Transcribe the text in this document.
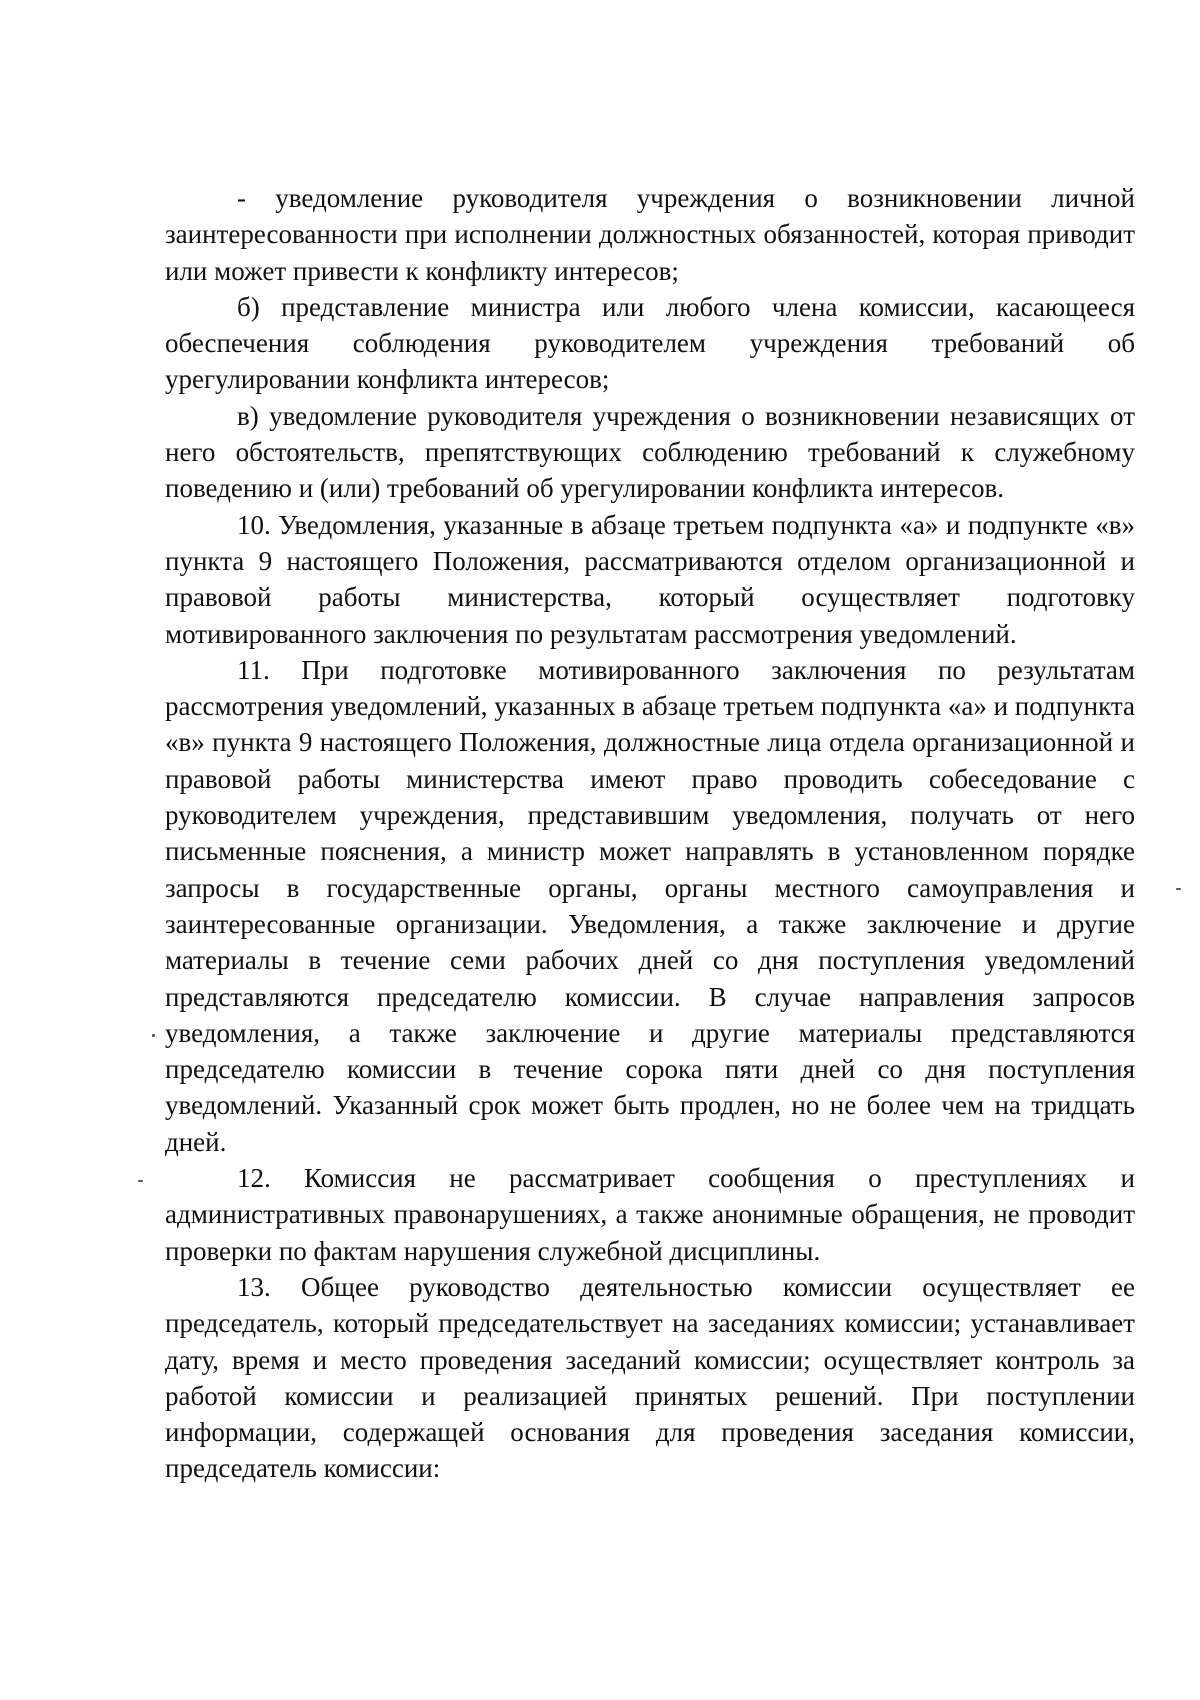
- уведомление руководителя учреждения о возникновении личной заинтересованности при исполнении должностных обязанностей, которая приводит или может привести к конфликту интересов;

б) представление министра или любого члена комиссии, касающееся обеспечения соблюдения руководителем учреждения требований об урегулировании конфликта интересов;

в) уведомление руководителя учреждения о возникновении независящих от него обстоятельств, препятствующих соблюдению требований к служебному поведению и (или) требований об урегулировании конфликта интересов.

10. Уведомления, указанные в абзаце третьем подпункта «а» и подпункте «в» пункта 9 настоящего Положения, рассматриваются отделом организационной и правовой работы министерства, который осуществляет подготовку мотивированного заключения по результатам рассмотрения уведомлений.

11. При подготовке мотивированного заключения по результатам рассмотрения уведомлений, указанных в абзаце третьем подпункта «а» и подпункта «в» пункта 9 настоящего Положения, должностные лица отдела организационной и правовой работы министерства имеют право проводить собеседование с руководителем учреждения, представившим уведомления, получать от него письменные пояснения, а министр может направлять в установленном порядке запросы в государственные органы, органы местного самоуправления и заинтересованные организации. Уведомления, а также заключение и другие материалы в течение семи рабочих дней со дня поступления уведомлений представляются председателю комиссии. В случае направления запросов уведомления, а также заключение и другие материалы представляются председателю комиссии в течение сорока пяти дней со дня поступления уведомлений. Указанный срок может быть продлен, но не более чем на тридцать дней.

12. Комиссия не рассматривает сообщения о преступлениях и административных правонарушениях, а также анонимные обращения, не проводит проверки по фактам нарушения служебной дисциплины.

13. Общее руководство деятельностью комиссии осуществляет ее председатель, который председательствует на заседаниях комиссии; устанавливает дату, время и место проведения заседаний комиссии; осуществляет контроль за работой комиссии и реализацией принятых решений. При поступлении информации, содержащей основания для проведения заседания комиссии, председатель комиссии:
